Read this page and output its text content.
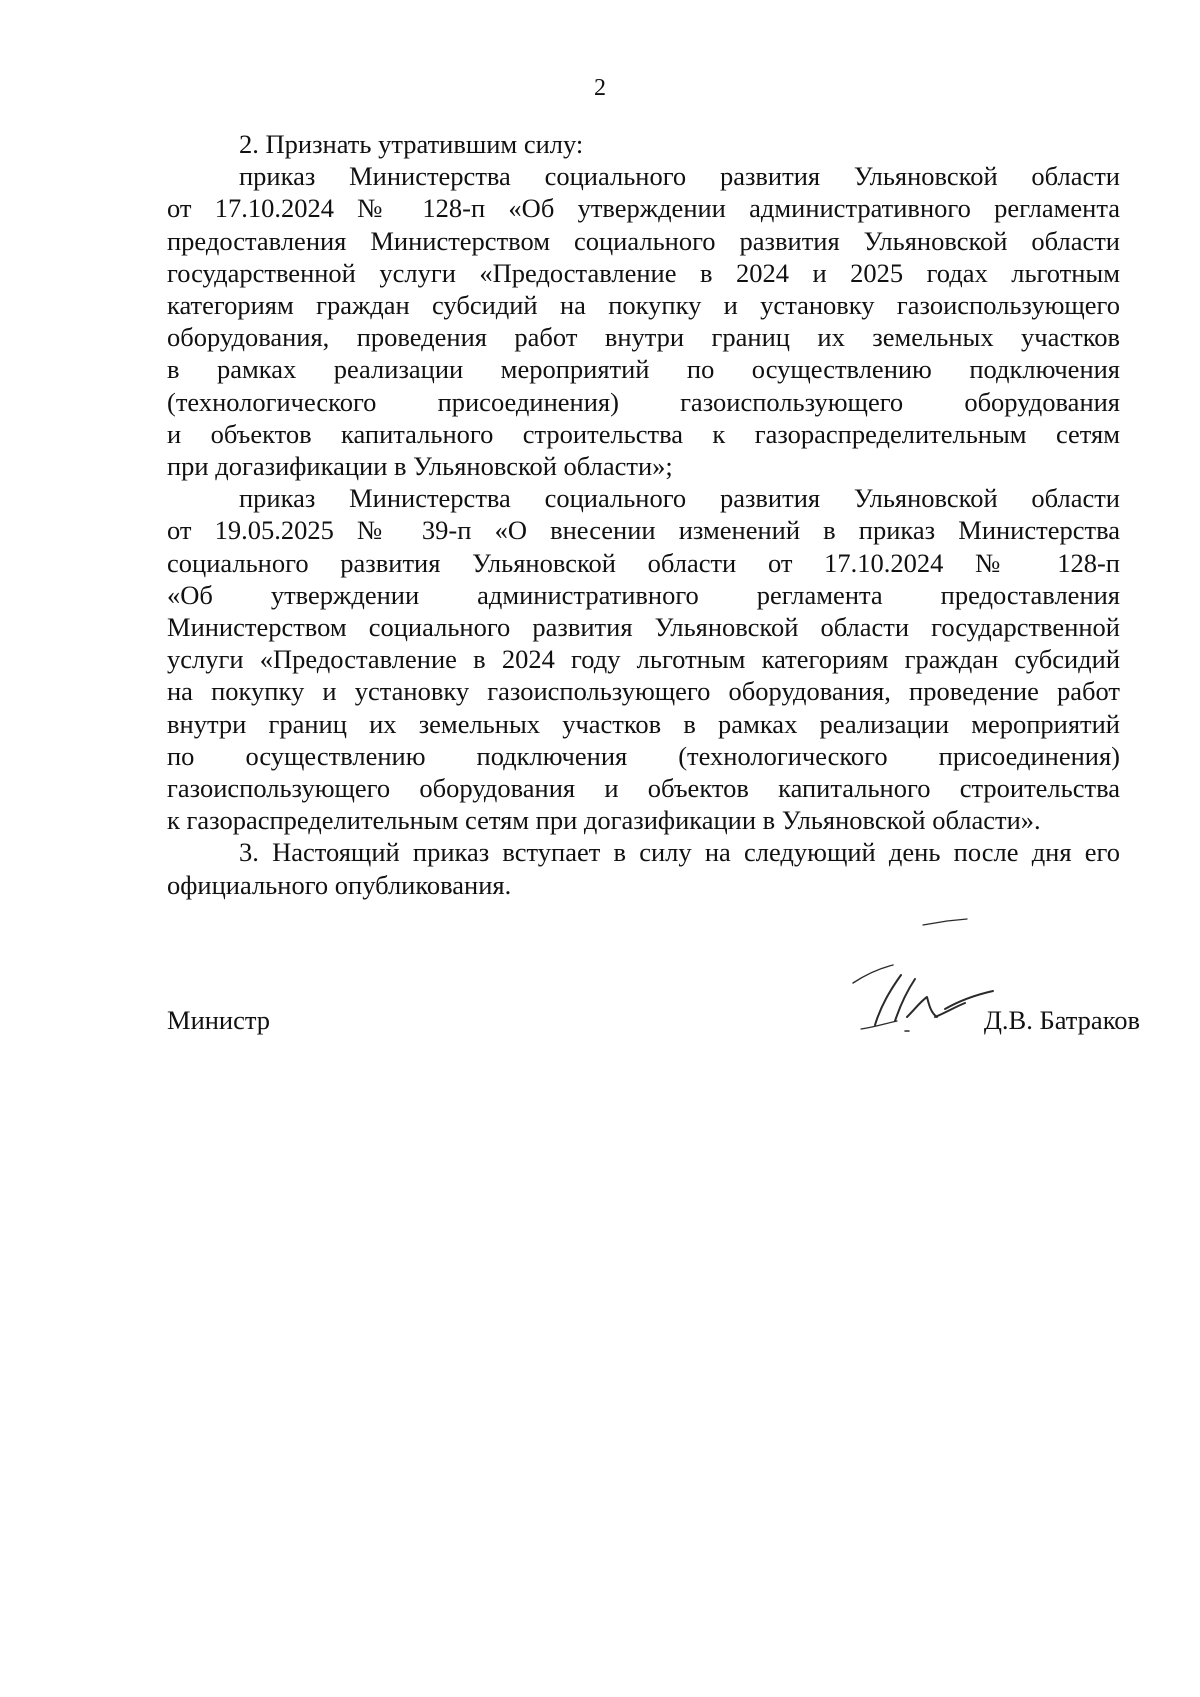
2
2. Признать утратившим силу:
приказ Министерства социального развития Ульяновской области
от 17.10.2024 № 128-п «Об утверждении административного регламента
предоставления Министерством социального развития Ульяновской области
государственной услуги «Предоставление в 2024 и 2025 годах льготным
категориям граждан субсидий на покупку и установку газоиспользующего
оборудования, проведения работ внутри границ их земельных участков
в рамках реализации мероприятий по осуществлению подключения
(технологического присоединения) газоиспользующего оборудования
и объектов капитального строительства к газораспределительным сетям
при догазификации в Ульяновской области»;
приказ Министерства социального развития Ульяновской области
от 19.05.2025 № 39-п «О внесении изменений в приказ Министерства
социального развития Ульяновской области от 17.10.2024 № 128-п
«Об утверждении административного регламента предоставления
Министерством социального развития Ульяновской области государственной
услуги «Предоставление в 2024 году льготным категориям граждан субсидий
на покупку и установку газоиспользующего оборудования, проведение работ
внутри границ их земельных участков в рамках реализации мероприятий
по осуществлению подключения (технологического присоединения)
газоиспользующего оборудования и объектов капитального строительства
к газораспределительным сетям при догазификации в Ульяновской области».
3. Настоящий приказ вступает в силу на следующий день после дня его
официального опубликования.
Министр	Д.В. Батраков
